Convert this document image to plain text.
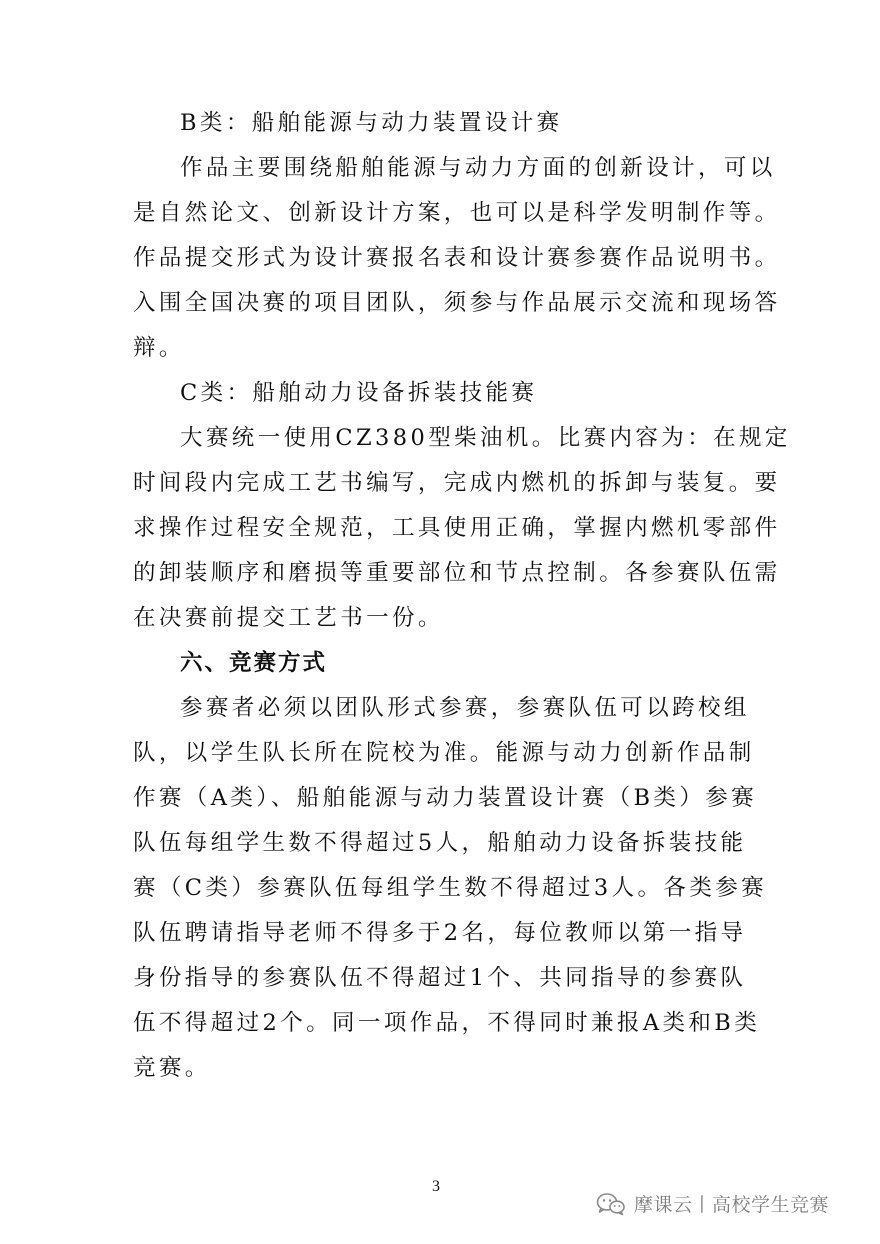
B类：船舶能源与动力装置设计赛
作品主要围绕船舶能源与动力方面的创新设计，可以
是自然论文、创新设计方案，也可以是科学发明制作等。
作品提交形式为设计赛报名表和设计赛参赛作品说明书。
入围全国决赛的项目团队，须参与作品展示交流和现场答
辩。
C类：船舶动力设备拆装技能赛
大赛统一使用CZ380型柴油机。比赛内容为：在规定
时间段内完成工艺书编写，完成内燃机的拆卸与装复。要
求操作过程安全规范，工具使用正确，掌握内燃机零部件
的卸装顺序和磨损等重要部位和节点控制。各参赛队伍需
在决赛前提交工艺书一份。
六、竞赛方式
参赛者必须以团队形式参赛，参赛队伍可以跨校组
队，以学生队长所在院校为准。能源与动力创新作品制
作赛（A类）、船舶能源与动力装置设计赛（B类）参赛
队伍每组学生数不得超过5人，船舶动力设备拆装技能
赛（C类）参赛队伍每组学生数不得超过3人。各类参赛
队伍聘请指导老师不得多于2名，每位教师以第一指导
身份指导的参赛队伍不得超过1个、共同指导的参赛队
伍不得超过2个。同一项作品，不得同时兼报A类和B类
竞赛。
3
摩课云丨高校学生竞赛
